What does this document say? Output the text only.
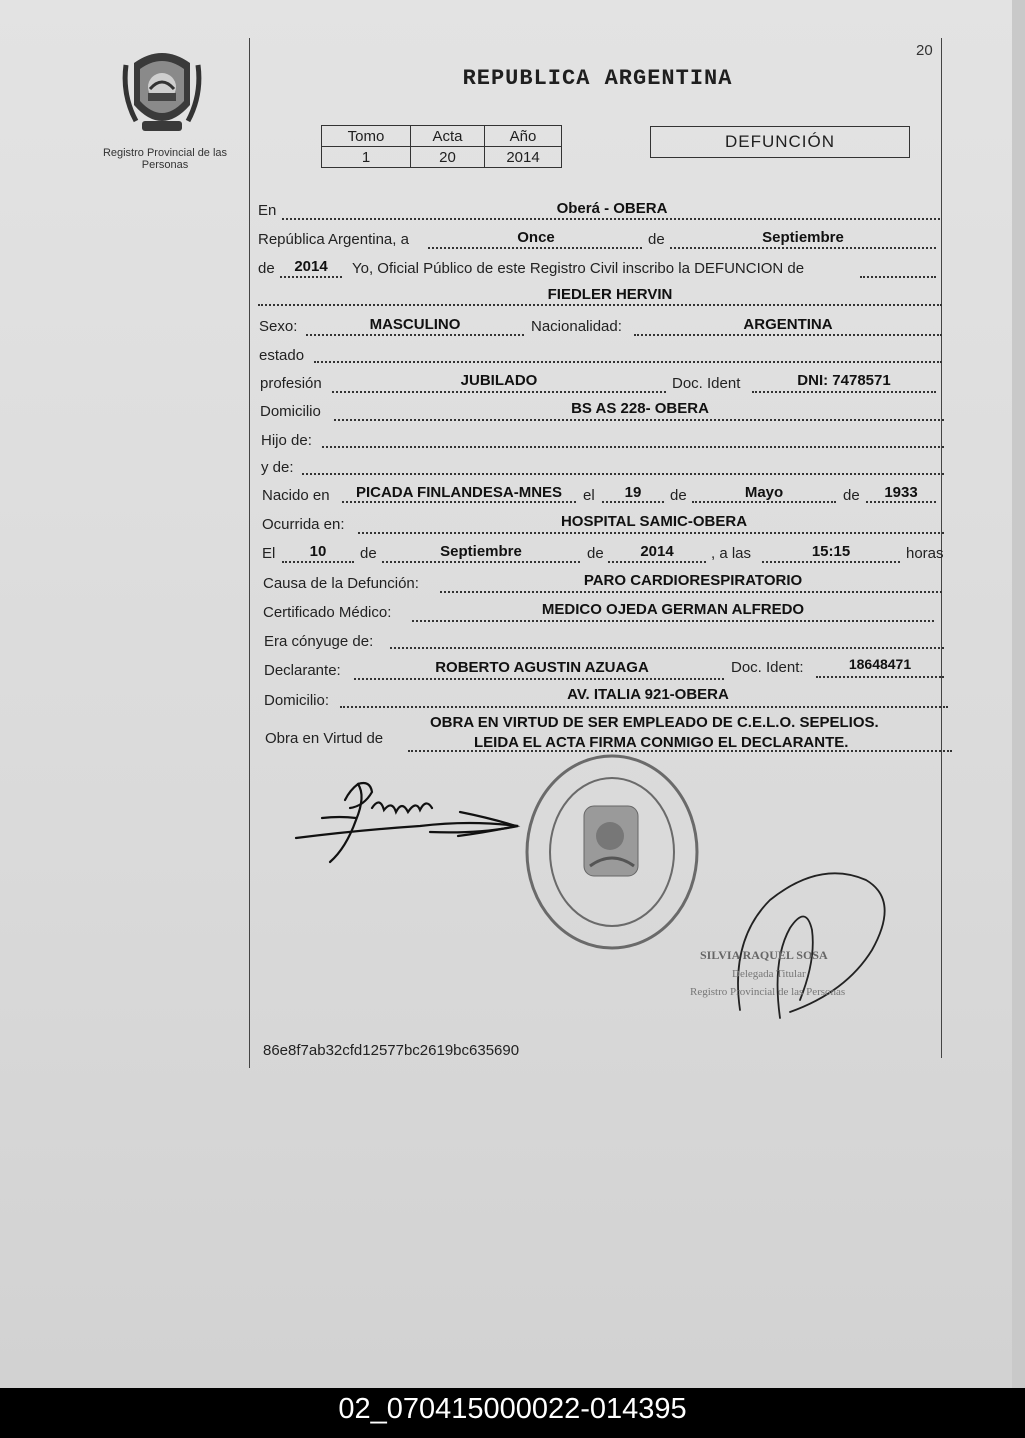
20
Registro Provincial de las Personas
REPUBLICA ARGENTINA
Tomo	Acta	Año
1	20	2014
DEFUNCIÓN
En	Oberá - OBERA
República Argentina, a	Once	de	Septiembre
de	2014	Yo, Oficial Público de este Registro Civil inscribo la DEFUNCION de
FIEDLER HERVIN
Sexo:	MASCULINO	Nacionalidad:	ARGENTINA
estado
profesión	JUBILADO	Doc. Ident	DNI: 7478571
Domicilio	BS AS 228- OBERA
Hijo de:
y de:
Nacido en	PICADA FINLANDESA-MNES	el	19	de	Mayo	de	1933
Ocurrida en:	HOSPITAL SAMIC-OBERA
El	10	de	Septiembre	de	2014	, a las	15:15	horas
Causa de la Defunción:	PARO CARDIORESPIRATORIO
Certificado Médico:	MEDICO OJEDA GERMAN ALFREDO
Era cónyuge de:
Declarante:	ROBERTO AGUSTIN AZUAGA	Doc. Ident:	18648471
Domicilio:	AV. ITALIA 921-OBERA
Obra en Virtud de
OBRA EN VIRTUD DE SER EMPLEADO DE C.E.L.O. SEPELIOS.
LEIDA EL ACTA FIRMA CONMIGO EL DECLARANTE.
SILVIA RAQUEL SOSA
Delegada Titular
Registro Provincial de las Personas
86e8f7ab32cfd12577bc2619bc635690
02_070415000022-014395
